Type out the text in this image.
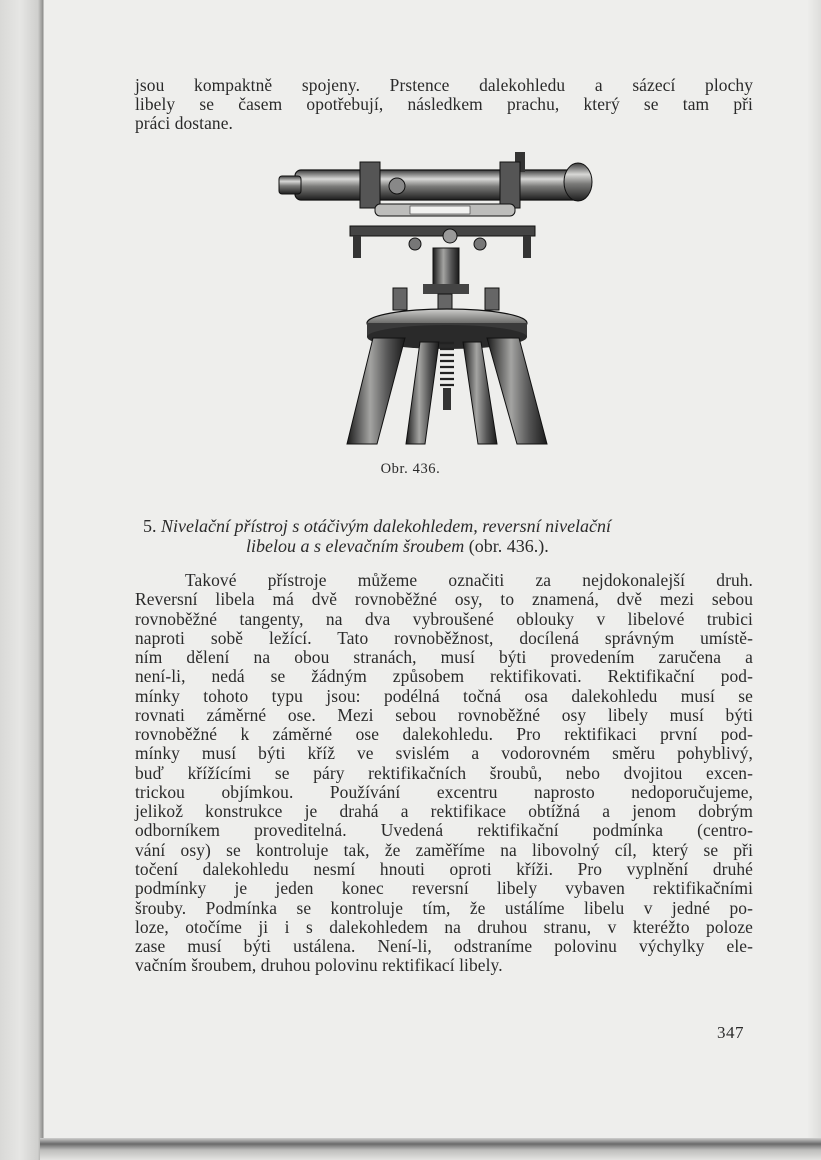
jsou kompaktně spojeny. Prstence dalekohledu a sázecí plochy
libely se časem opotřebují, následkem prachu, který se tam při
práci dostane.
Obr. 436.
5. Nivelační přístroj s otáčivým dalekohledem, reversní nivelační
libelou a s elevačním šroubem (obr. 436.).
Takové přístroje můžeme označiti za nejdokonalejší druh.
Reversní libela má dvě rovnoběžné osy, to znamená, dvě mezi sebou
rovnoběžné tangenty, na dva vybroušené oblouky v libelové trubici
naproti sobě ležící. Tato rovnoběžnost, docílená správným umístě-
ním dělení na obou stranách, musí býti provedením zaručena a
není-li, nedá se žádným způsobem rektifikovati. Rektifikační pod-
mínky tohoto typu jsou: podélná točná osa dalekohledu musí se
rovnati záměrné ose. Mezi sebou rovnoběžné osy libely musí býti
rovnoběžné k záměrné ose dalekohledu. Pro rektifikaci první pod-
mínky musí býti kříž ve svislém a vodorovném směru pohyblivý,
buď křížícími se páry rektifikačních šroubů, nebo dvojitou excen-
trickou objímkou. Používání excentru naprosto nedoporučujeme,
jelikož konstrukce je drahá a rektifikace obtížná a jenom dobrým
odborníkem proveditelná. Uvedená rektifikační podmínka (centro-
vání osy) se kontroluje tak, že zaměříme na libovolný cíl, který se při
točení dalekohledu nesmí hnouti oproti kříži. Pro vyplnění druhé
podmínky je jeden konec reversní libely vybaven rektifikačními
šrouby. Podmínka se kontroluje tím, že ustálíme libelu v jedné po-
loze, otočíme ji i s dalekohledem na druhou stranu, v kteréžto poloze
zase musí býti ustálena. Není-li, odstraníme polovinu výchylky ele-
vačním šroubem, druhou polovinu rektifikací libely.
347
